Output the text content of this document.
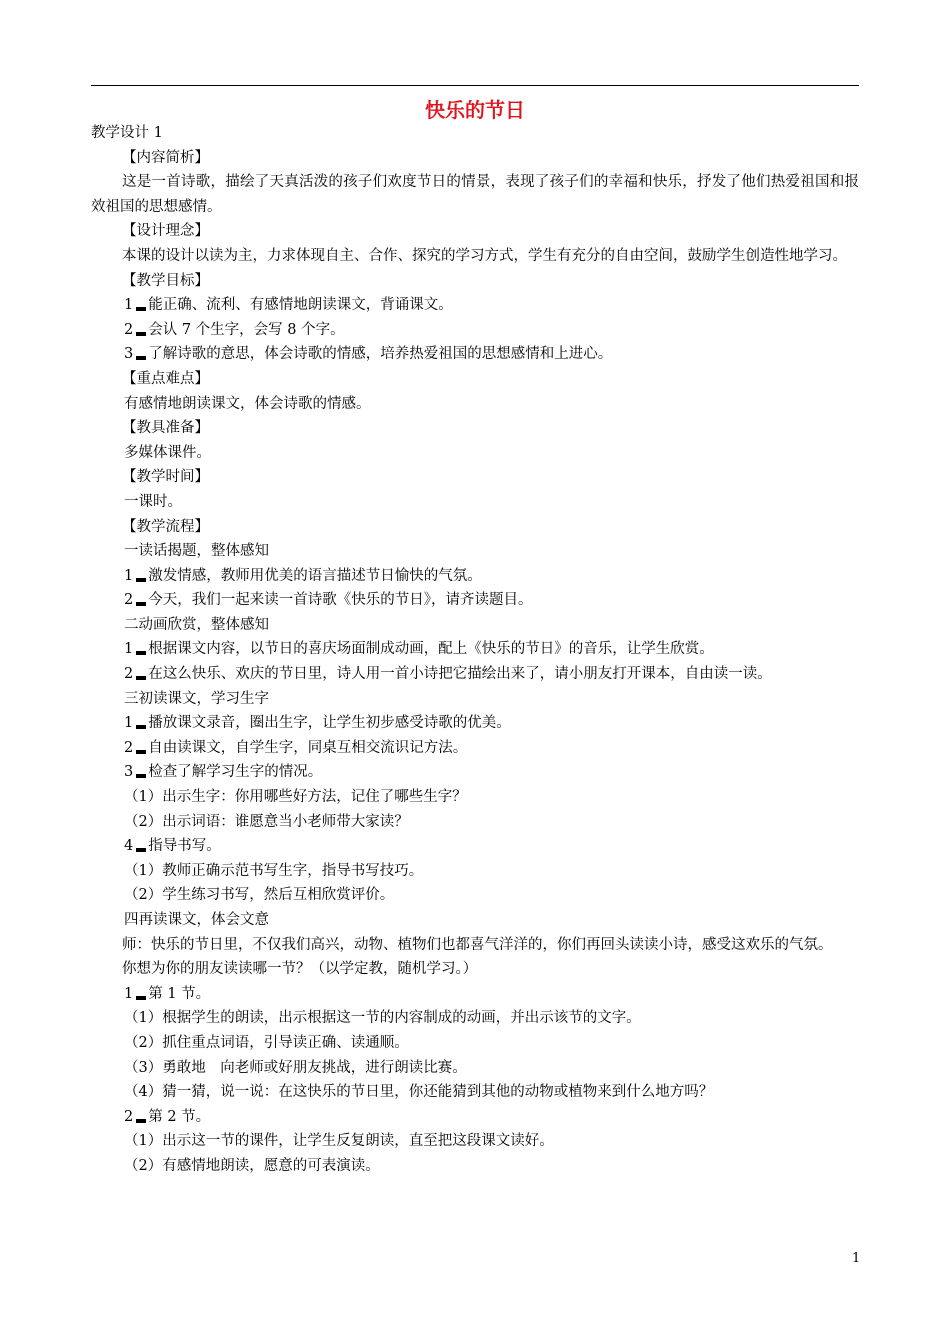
快乐的节日
教学设计 1
【内容简析】
这是一首诗歌，描绘了天真活泼的孩子们欢度节日的情景，表现了孩子们的幸福和快乐，抒发了他们热爱祖国和报效祖国的思想感情。
【设计理念】
本课的设计以读为主，力求体现自主、合作、探究的学习方式，学生有充分的自由空间，鼓励学生创造性地学习。
【教学目标】
1 能正确、流利、有感情地朗读课文，背诵课文。
2 会认 7 个生字，会写 8 个字。
3 了解诗歌的意思，体会诗歌的情感，培养热爱祖国的思想感情和上进心。
【重点难点】
有感情地朗读课文，体会诗歌的情感。
【教具准备】
多媒体课件。
【教学时间】
一课时。
【教学流程】
一读话揭题，整体感知
1 激发情感，教师用优美的语言描述节日愉快的气氛。
2 今天，我们一起来读一首诗歌《快乐的节日》，请齐读题目。
二动画欣赏，整体感知
1 根据课文内容，以节日的喜庆场面制成动画，配上《快乐的节日》的音乐，让学生欣赏。
2 在这么快乐、欢庆的节日里，诗人用一首小诗把它描绘出来了，请小朋友打开课本，自由读一读。
三初读课文，学习生字
1 播放课文录音，圈出生字，让学生初步感受诗歌的优美。
2 自由读课文，自学生字，同桌互相交流识记方法。
3 检查了解学习生字的情况。
（1）出示生字：你用哪些好方法，记住了哪些生字？
（2）出示词语：谁愿意当小老师带大家读？
4 指导书写。
（1）教师正确示范书写生字，指导书写技巧。
（2）学生练习书写，然后互相欣赏评价。
四再读课文，体会文意
师：快乐的节日里，不仅我们高兴，动物、植物们也都喜气洋洋的，你们再回头读读小诗，感受这欢乐的气氛。
你想为你的朋友读读哪一节？（以学定教，随机学习。）
1 第 1 节。
（1）根据学生的朗读，出示根据这一节的内容制成的动画，并出示该节的文字。
（2）抓住重点词语，引导读正确、读通顺。
（3）勇敢地　向老师或好朋友挑战，进行朗读比赛。
（4）猜一猜，说一说：在这快乐的节日里，你还能猜到其他的动物或植物来到什么地方吗？
2 第 2 节。
（1）出示这一节的课件，让学生反复朗读，直至把这段课文读好。
（2）有感情地朗读，愿意的可表演读。
1
